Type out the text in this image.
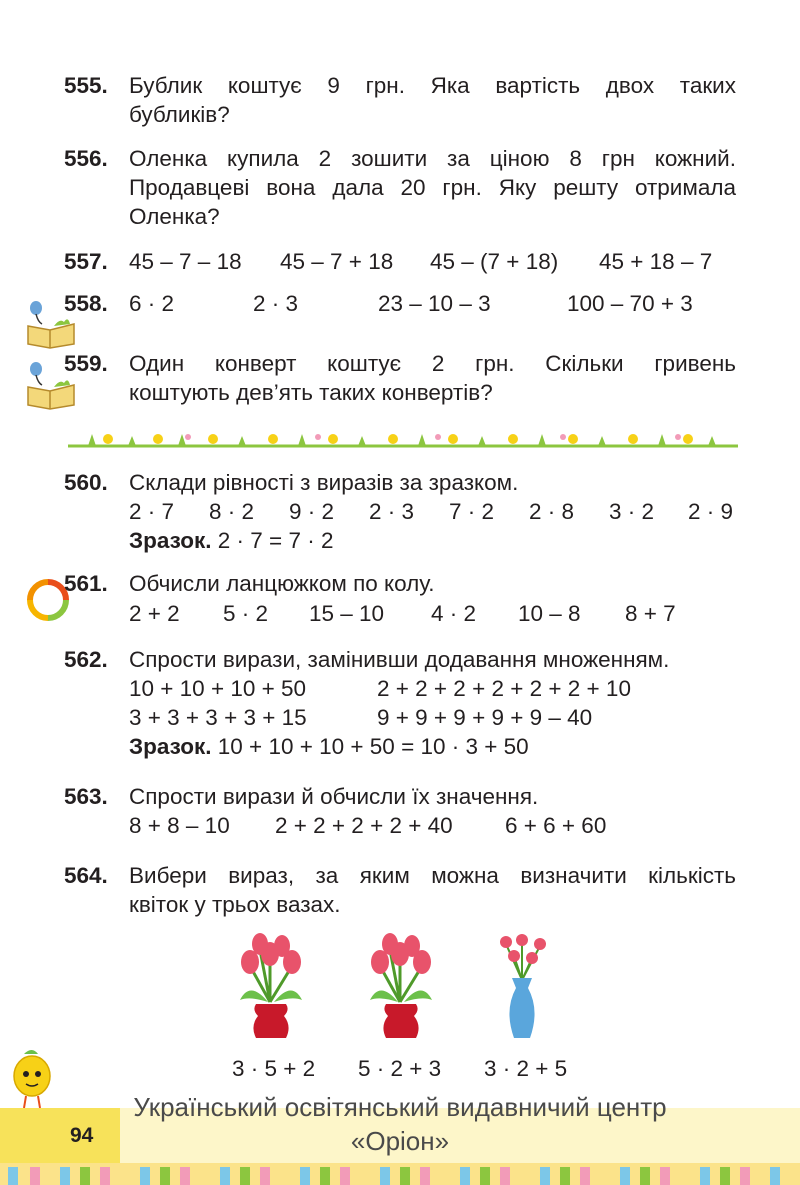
555. Бублик коштує 9 грн. Яка вартість двох таких
бубликів?
556. Оленка купила 2 зошити за ціною 8 грн кожний.
Продавцеві вона дала 20 грн. Яку решту отримала
Оленка?
557. 45 – 7 – 18 45 – 7 + 18 45 – (7 + 18) 45 + 18 – 7
558. 6 · 2	2 · 3	23 – 10 – 3	100 – 70 + 3
559. Один конверт коштує 2 грн. Скільки гривень
коштують дев’ять таких конвертів?
560. Склади рівності з виразів за зразком.
2 · 7 8 · 2 9 · 2 2 · 3 7 · 2 2 · 8 3 · 2 2 · 9
Зразок. 2 · 7 = 7 · 2
561. Обчисли ланцюжком по колу.
2 + 2 5 · 2 15 – 10 4 · 2 10 – 8 8 + 7
562. Спрости вирази, замінивши додавання множенням.
10 + 10 + 10 + 50	2 + 2 + 2 + 2 + 2 + 2 + 10
3 + 3 + 3 + 3 + 15	9 + 9 + 9 + 9 + 9 – 40
Зразок. 10 + 10 + 10 + 50 = 10 · 3 + 50
563. Спрости вирази й обчисли їх значення.
8 + 8 – 10 2 + 2 + 2 + 2 + 40 6 + 6 + 60
564. Вибери вираз, за яким можна визначити кількість
квіток у трьох вазах.
3 · 5 + 2 5 · 2 + 3 3 · 2 + 5
94
Український освітянський видавничий центр
«Оріон»
